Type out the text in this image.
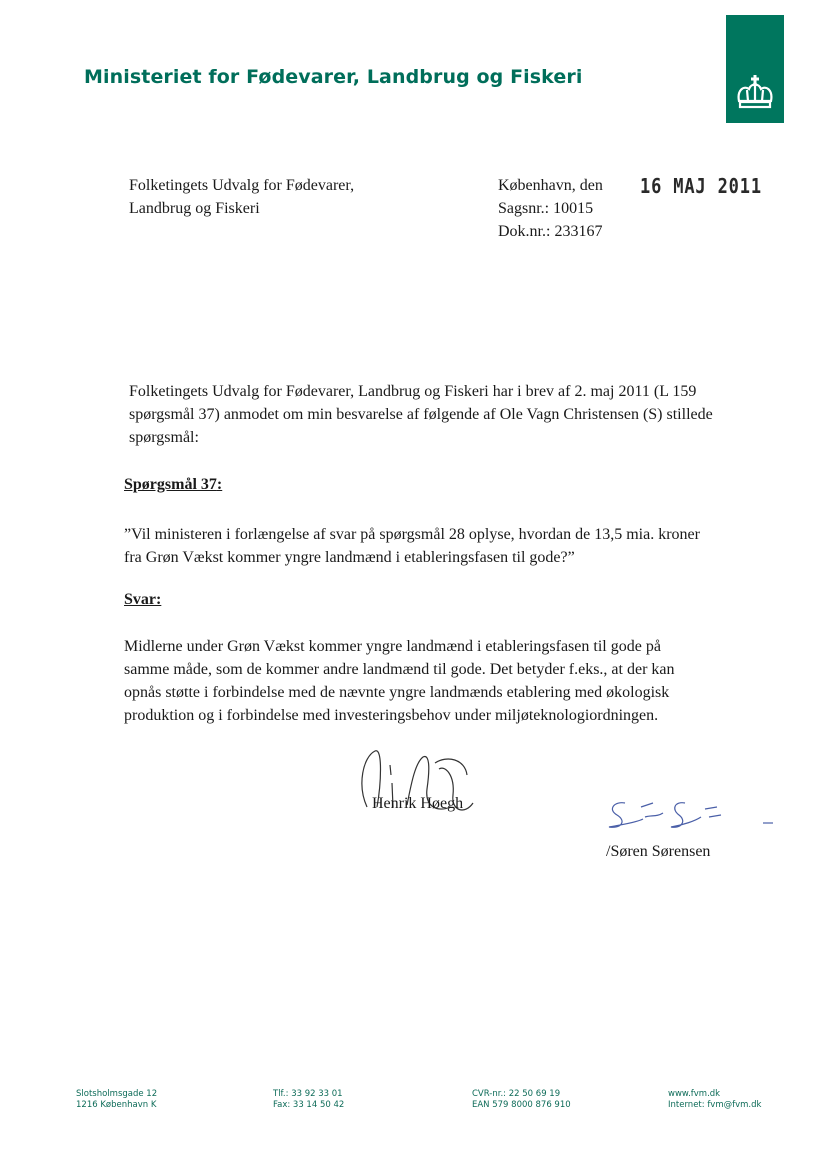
Ministeriet for Fødevarer, Landbrug og Fiskeri
Folketingets Udvalg for Fødevarer,
Landbrug og Fiskeri
København, den
Sagsnr.: 10015
Dok.nr.: 233167
16 MAJ 2011
Folketingets Udvalg for Fødevarer, Landbrug og Fiskeri har i brev af 2. maj 2011 (L 159 spørgsmål 37) anmodet om min besvarelse af følgende af Ole Vagn Christensen (S) stillede spørgsmål:
Spørgsmål 37:
”Vil ministeren i forlængelse af svar på spørgsmål 28 oplyse, hvordan de 13,5 mia. kroner fra Grøn Vækst kommer yngre landmænd i etableringsfasen til gode?”
Svar:
Midlerne under Grøn Vækst kommer yngre landmænd i etableringsfasen til gode på samme måde, som de kommer andre landmænd til gode. Det betyder f.eks., at der kan opnås støtte i forbindelse med de nævnte yngre landmænds etablering med økologisk produktion og i forbindelse med investeringsbehov under miljøteknologiordningen.
Henrik Høegh
/Søren Sørensen
Slotsholmsgade 12
1216 København K
Tlf.: 33 92 33 01
Fax: 33 14 50 42
CVR-nr.: 22 50 69 19
EAN 579 8000 876 910
www.fvm.dk
Internet: fvm@fvm.dk
